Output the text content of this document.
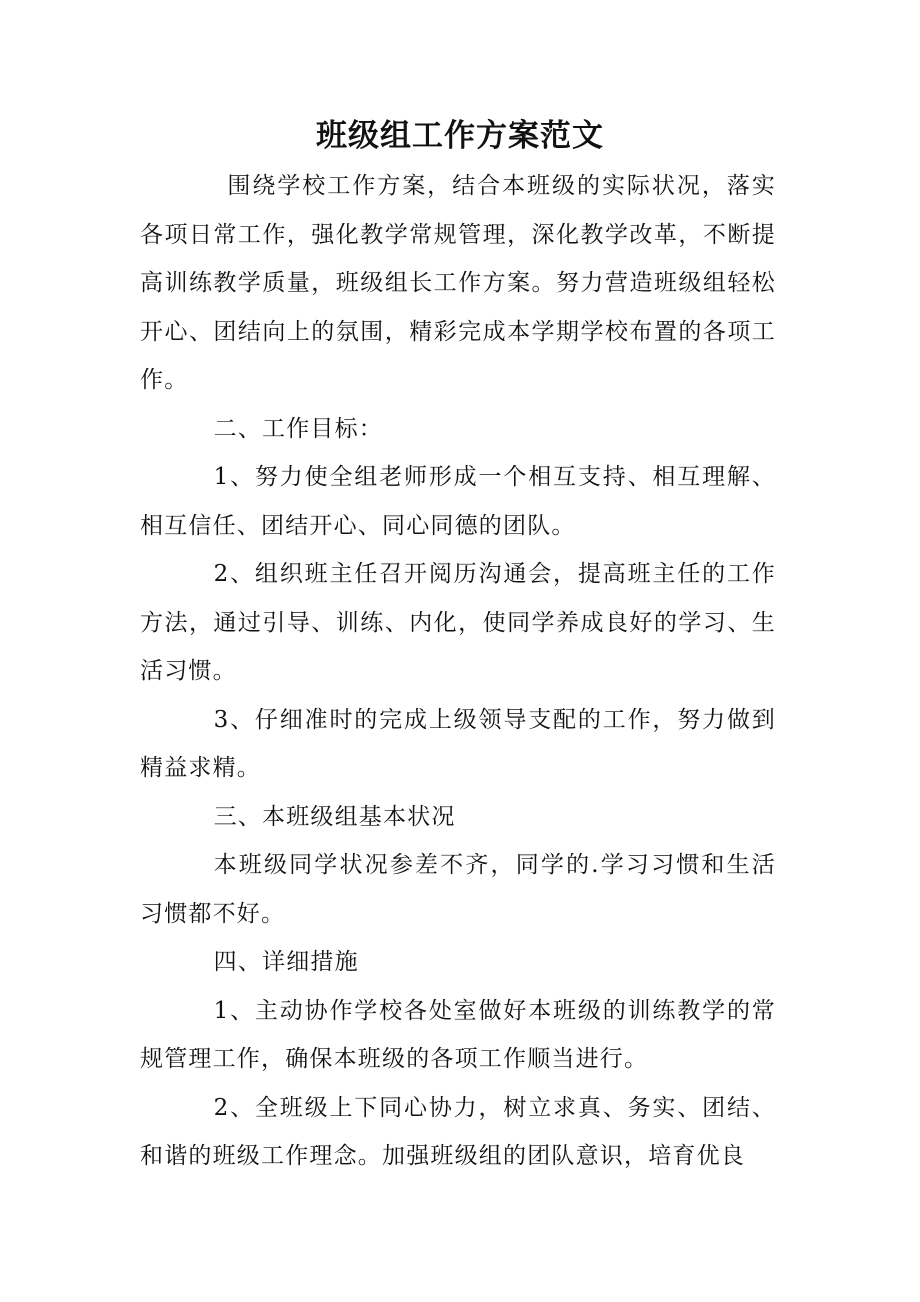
班级组工作方案范文

围绕学校工作方案，结合本班级的实际状况，落实各项日常工作，强化教学常规管理，深化教学改革，不断提高训练教学质量，班级组长工作方案。努力营造班级组轻松开心、团结向上的氛围，精彩完成本学期学校布置的各项工作。

二、工作目标：

1、努力使全组老师形成一个相互支持、相互理解、相互信任、团结开心、同心同德的团队。

2、组织班主任召开阅历沟通会，提高班主任的工作方法，通过引导、训练、内化，使同学养成良好的学习、生活习惯。

3、仔细准时的完成上级领导支配的工作，努力做到精益求精。

三、本班级组基本状况

本班级同学状况参差不齐，同学的.学习习惯和生活习惯都不好。

四、详细措施

1、主动协作学校各处室做好本班级的训练教学的常规管理工作，确保本班级的各项工作顺当进行。

2、全班级上下同心协力，树立求真、务实、团结、和谐的班级工作理念。加强班级组的团队意识，培育优良
